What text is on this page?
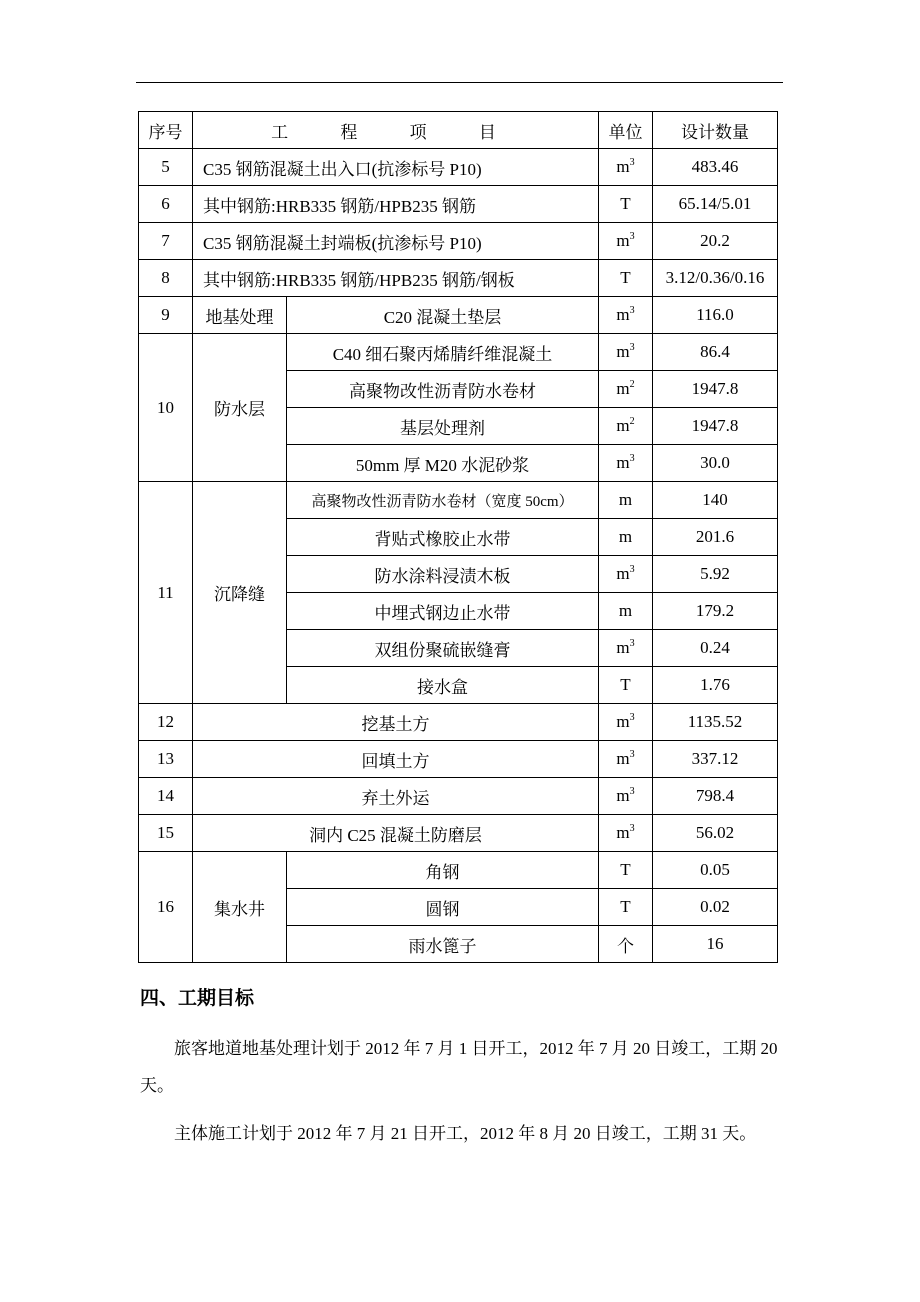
序号	工 程 项 目		单位	设计数量
5	C35 钢筋混凝土出入口(抗渗标号 P10)		$m^3$	483.46
6	其中钢筋:HRB335 钢筋/HPB235 钢筋		T	65.14/5.01
7	C35 钢筋混凝土封端板(抗渗标号 P10)		$m^3$	20.2
8	其中钢筋:HRB335 钢筋/HPB235 钢筋/钢板		T	3.12/0.36/0.16
9	地基处理	C20 混凝土垫层	$m^3$	116.0
10	防水层	C40 细石聚丙烯腈纤维混凝土	$m^3$	86.4
		高聚物改性沥青防水卷材	$m^2$	1947.8
		基层处理剂	$m^2$	1947.8
		50mm 厚 M20 水泥砂浆	$m^3$	30.0
11	沉降缝	高聚物改性沥青防水卷材（宽度 50cm）	m	140
		背贴式橡胶止水带	m	201.6
		防水涂料浸渍木板	$m^3$	5.92
		中埋式钢边止水带	m	179.2
		双组份聚硫嵌缝膏	$m^3$	0.24
		接水盒	T	1.76
12	挖基土方		$m^3$	1135.52
13	回填土方		$m^3$	337.12
14	弃土外运		$m^3$	798.4
15	洞内 C25 混凝土防磨层		$m^3$	56.02
16	集水井	角钢	T	0.05
		圆钢	T	0.02
		雨水篦子	个	16
四、工期目标

旅客地道地基处理计划于 2012 年 7 月 1 日开工，2012 年 7 月 20 日竣工，工期 20 天。

主体施工计划于 2012 年 7 月 21 日开工，2012 年 8 月 20 日竣工，工期 31 天。
